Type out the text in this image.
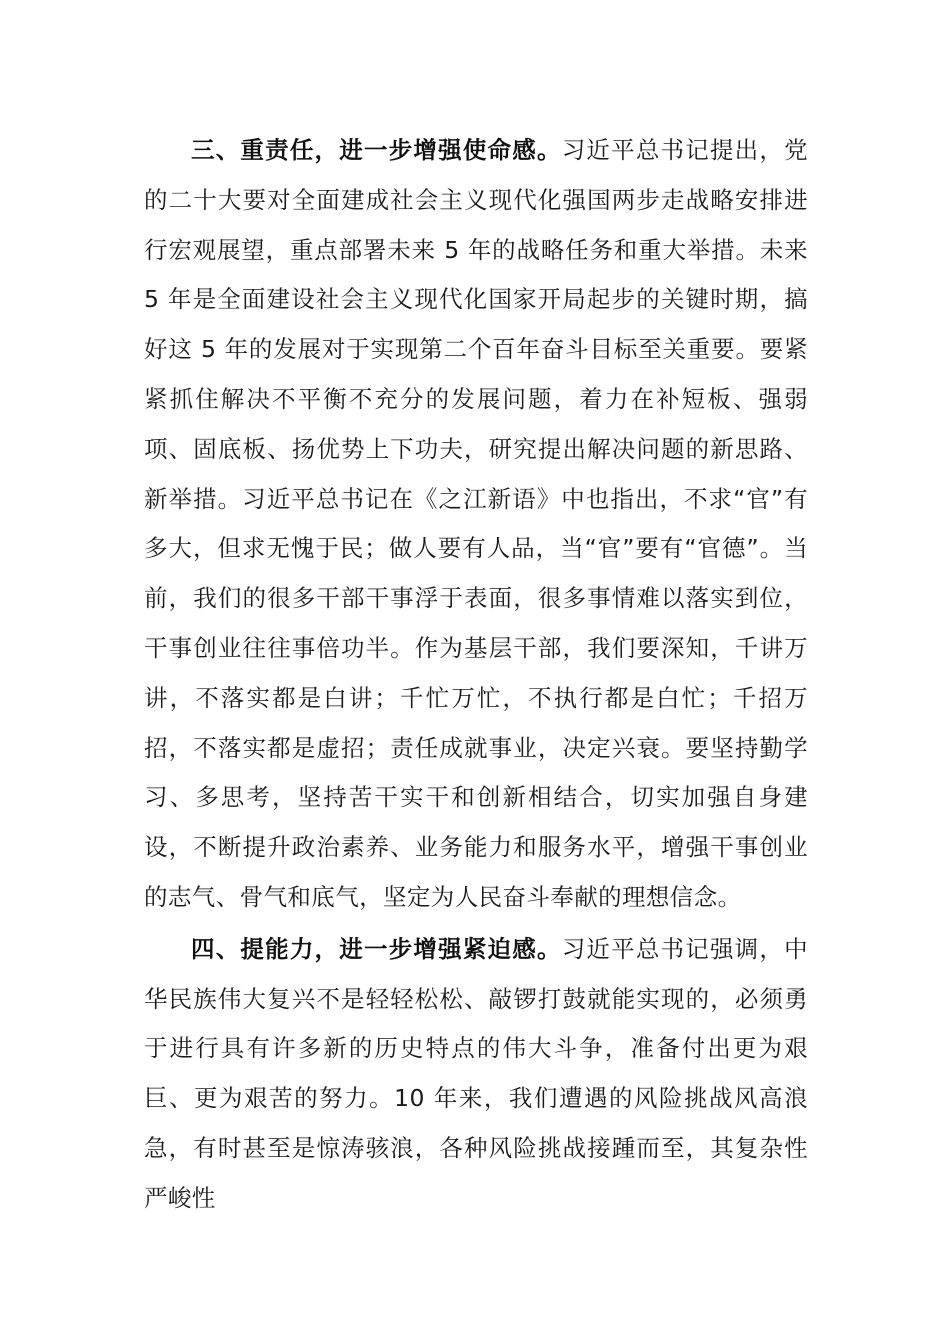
三、重责任，进一步增强使命感。习近平总书记提出，党的二十大要对全面建成社会主义现代化强国两步走战略安排进行宏观展望，重点部署未来 5 年的战略任务和重大举措。未来 5 年是全面建设社会主义现代化国家开局起步的关键时期，搞好这 5 年的发展对于实现第二个百年奋斗目标至关重要。要紧紧抓住解决不平衡不充分的发展问题，着力在补短板、强弱项、固底板、扬优势上下功夫，研究提出解决问题的新思路、新举措。习近平总书记在《之江新语》中也指出，不求“官”有多大，但求无愧于民；做人要有人品，当“官”要有“官德”。当前，我们的很多干部干事浮于表面，很多事情难以落实到位，干事创业往往事倍功半。作为基层干部，我们要深知，千讲万讲，不落实都是白讲；千忙万忙，不执行都是白忙；千招万招，不落实都是虚招；责任成就事业，决定兴衰。要坚持勤学习、多思考，坚持苦干实干和创新相结合，切实加强自身建设，不断提升政治素养、业务能力和服务水平，增强干事创业的志气、骨气和底气，坚定为人民奋斗奉献的理想信念。

四、提能力，进一步增强紧迫感。习近平总书记强调，中华民族伟大复兴不是轻轻松松、敲锣打鼓就能实现的，必须勇于进行具有许多新的历史特点的伟大斗争，准备付出更为艰巨、更为艰苦的努力。10 年来，我们遭遇的风险挑战风高浪急，有时甚至是惊涛骇浪，各种风险挑战接踵而至，其复杂性严峻性
